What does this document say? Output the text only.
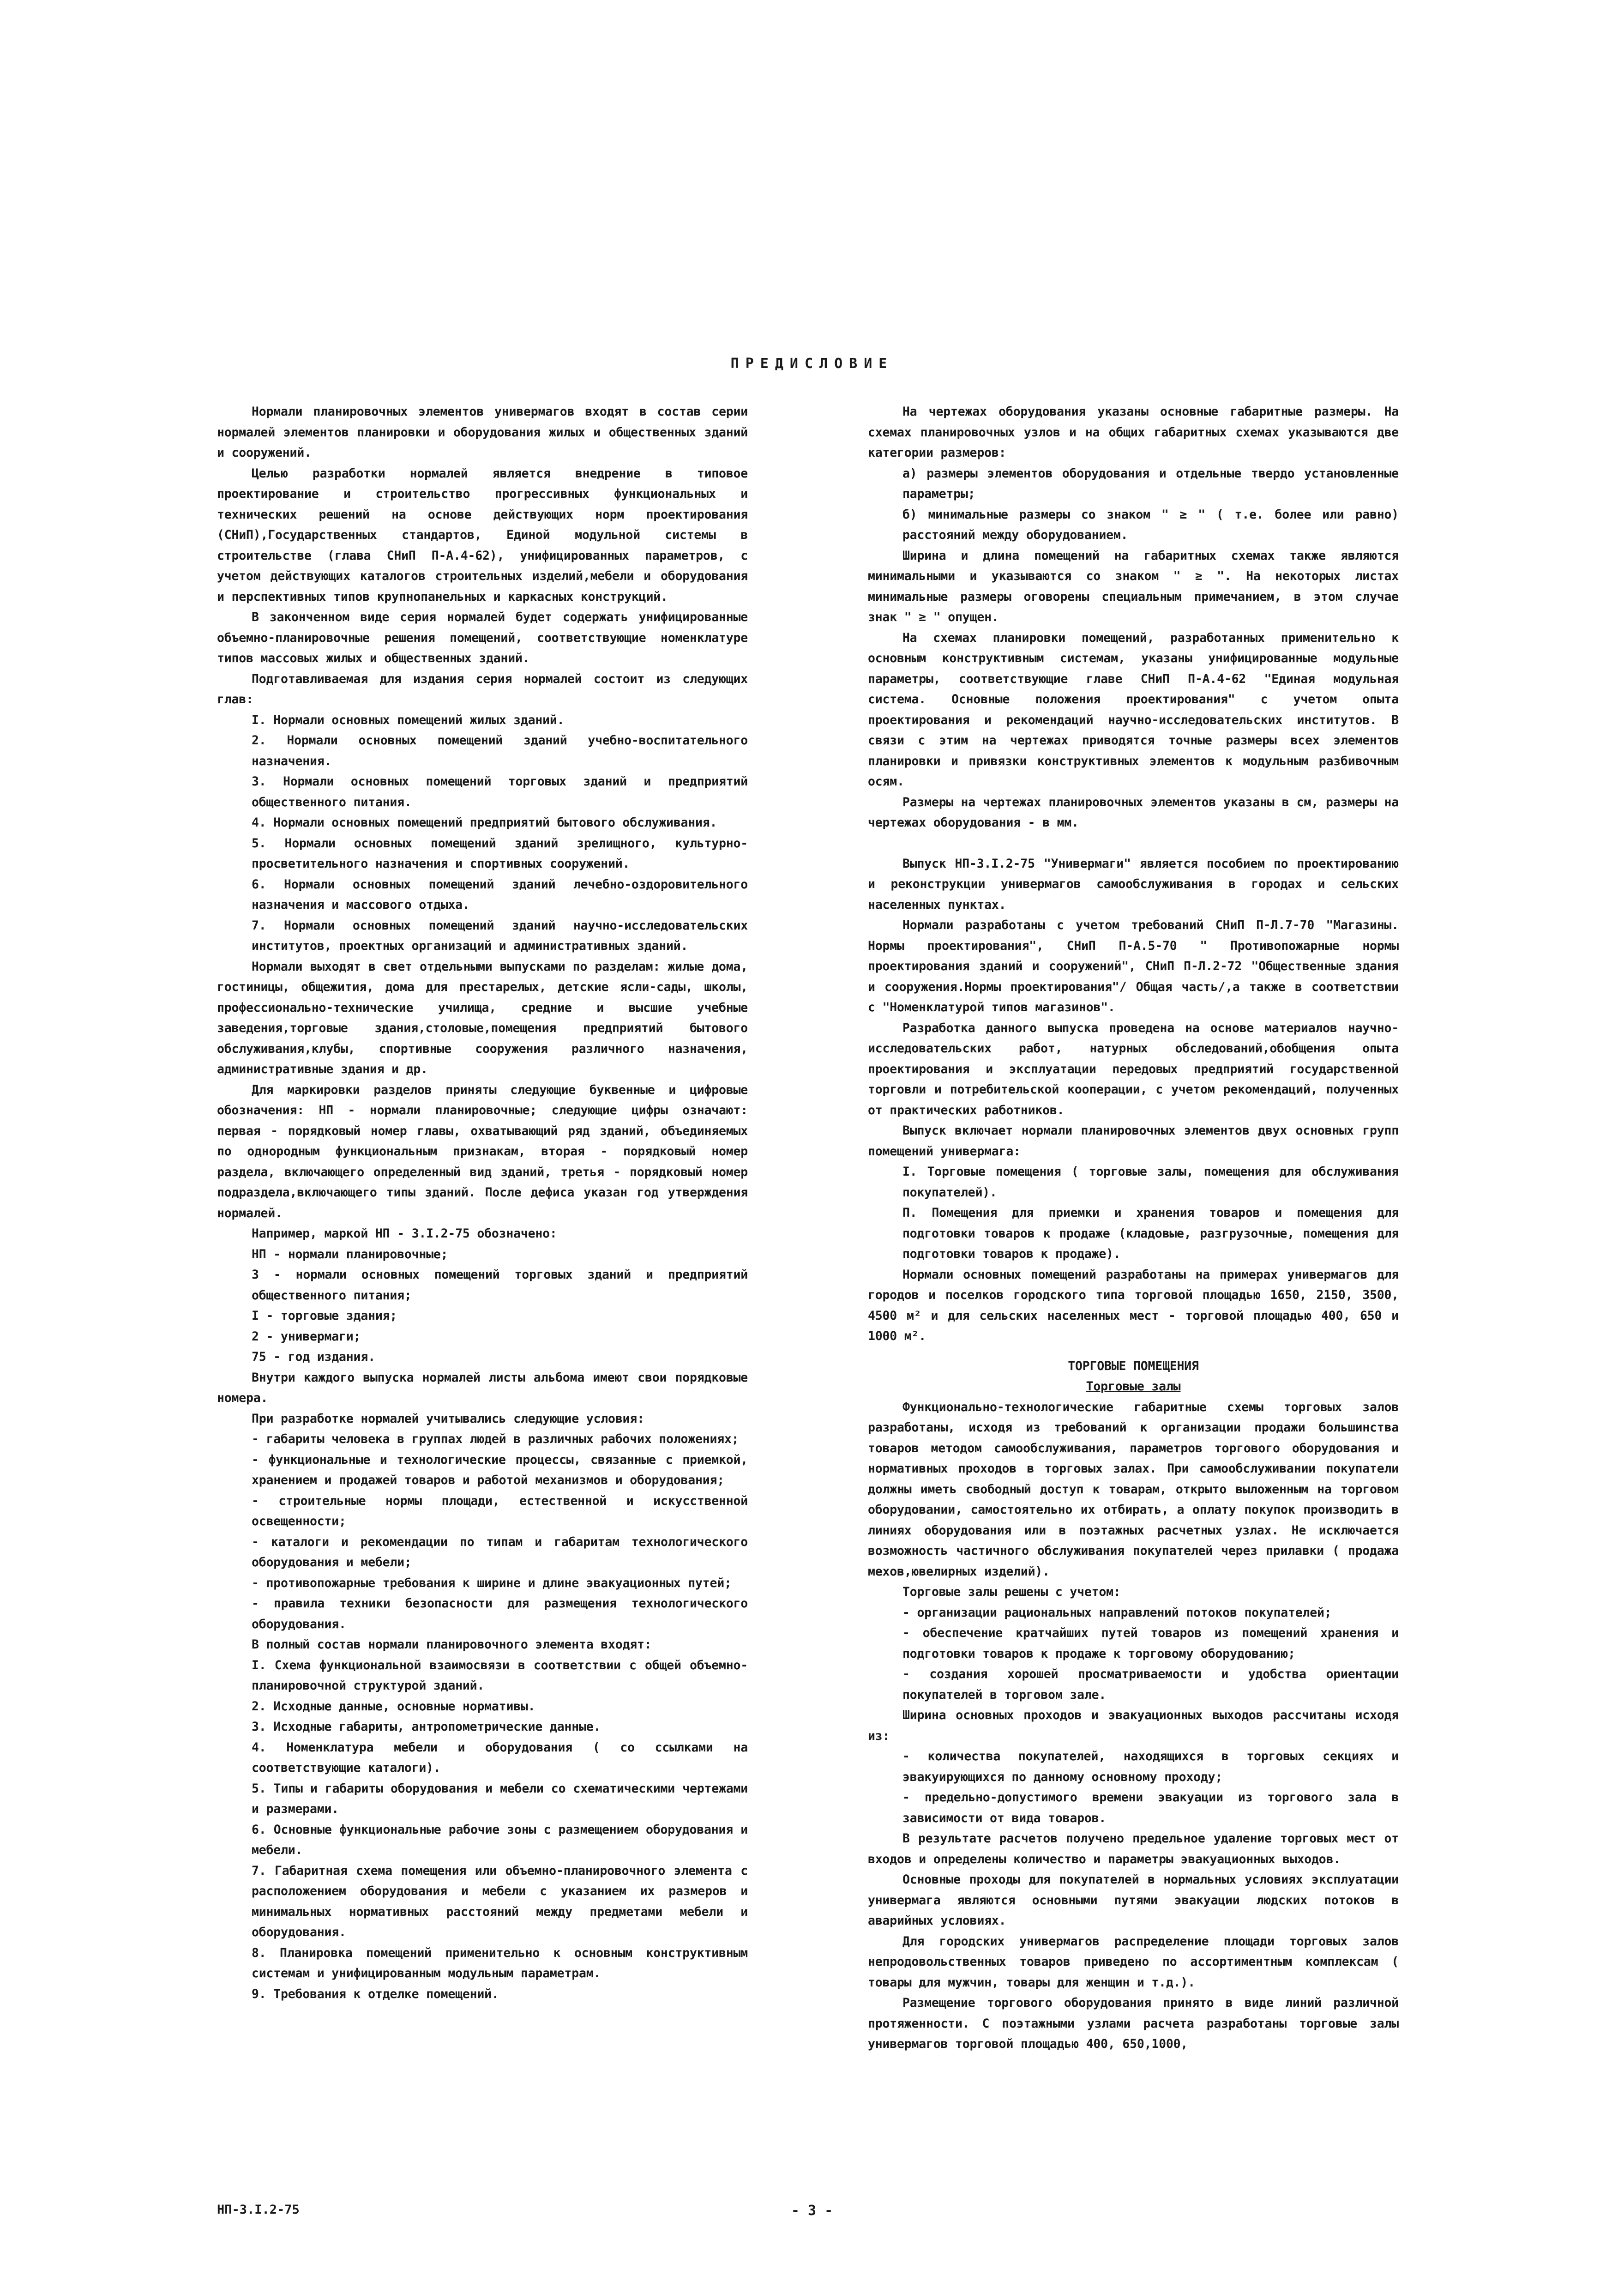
ПРЕДИСЛОВИЕ

Нормали планировочных элементов универмагов входят в состав серии нормалей элементов планировки и оборудования жилых и общественных зданий и сооружений.

Целью разработки нормалей является внедрение в типовое проектирование и строительство прогрессивных функциональных и технических решений на основе действующих норм проектирования (СНиП),Государственных стандартов, Единой модульной системы в строительстве (глава СНиП П-А.4-62), унифицированных параметров, с учетом действующих каталогов строительных изделий,мебели и оборудования и перспективных типов крупнопанельных и каркасных конструкций.

В законченном виде серия нормалей будет содержать унифицированные объемно-планировочные решения помещений, соответствующие номенклатуре типов массовых жилых и общественных зданий.

Подготавливаемая для издания серия нормалей состоит из следующих глав:

I. Нормали основных помещений жилых зданий.

2. Нормали основных помещений зданий учебно-воспитательного назначения.

3. Нормали основных помещений торговых зданий и предприятий общественного питания.

4. Нормали основных помещений предприятий бытового обслуживания.

5. Нормали основных помещений зданий зрелищного, культурно-просветительного назначения и спортивных сооружений.

6. Нормали основных помещений зданий лечебно-оздоровительного назначения и массового отдыха.

7. Нормали основных помещений зданий научно-исследовательских институтов, проектных организаций и административных зданий.

Нормали выходят в свет отдельными выпусками по разделам: жилые дома, гостиницы, общежития, дома для престарелых, детские ясли-сады, школы, профессионально-технические училища, средние и высшие учебные заведения,торговые здания,столовые,помещения предприятий бытового обслуживания,клубы, спортивные сооружения различного назначения, административные здания и др.

Для маркировки разделов приняты следующие буквенные и цифровые обозначения: НП - нормали планировочные; следующие цифры означают: первая - порядковый номер главы, охватывающий ряд зданий, объединяемых по однородным функциональным признакам, вторая - порядковый номер раздела, включающего определенный вид зданий, третья - порядковый номер подраздела,включающего типы зданий. После дефиса указан год утверждения нормалей.

Например, маркой НП - 3.I.2-75 обозначено:

НП - нормали планировочные;

3 - нормали основных помещений торговых зданий и предприятий общественного питания;

I - торговые здания;

2 - универмаги;

75 - год издания.

Внутри каждого выпуска нормалей листы альбома имеют свои порядковые номера.

При разработке нормалей учитывались следующие условия:

- габариты человека в группах людей в различных рабочих положениях;

- функциональные и технологические процессы, связанные с приемкой, хранением и продажей товаров и работой механизмов и оборудования;

- строительные нормы площади, естественной и искусственной освещенности;

- каталоги и рекомендации по типам и габаритам технологического оборудования и мебели;

- противопожарные требования к ширине и длине эвакуационных путей;

- правила техники безопасности для размещения технологического оборудования.

В полный состав нормали планировочного элемента входят:

I. Схема функциональной взаимосвязи в соответствии с общей объемно-планировочной структурой зданий.

2. Исходные данные, основные нормативы.

3. Исходные габариты, антропометрические данные.

4. Номенклатура мебели и оборудования ( со ссылками на соответствующие каталоги).

5. Типы и габариты оборудования и мебели со схематическими чертежами и размерами.

6. Основные функциональные рабочие зоны с размещением оборудования и мебели.

7. Габаритная схема помещения или объемно-планировочного элемента с расположением оборудования и мебели с указанием их размеров и минимальных нормативных расстояний между предметами мебели и оборудования.

8. Планировка помещений применительно к основным конструктивным системам и унифицированным модульным параметрам.

9. Требования к отделке помещений.

На чертежах оборудования указаны основные габаритные размеры. На схемах планировочных узлов и на общих габаритных схемах указываются две категории размеров:

а) размеры элементов оборудования и отдельные твердо установленные параметры;

б) минимальные размеры со знаком " ≥ " ( т.е. более или равно) расстояний между оборудованием.

Ширина и длина помещений на габаритных схемах также являются минимальными и указываются со знаком " ≥ ". На некоторых листах минимальные размеры оговорены специальным примечанием, в этом случае знак " ≥ " опущен.

На схемах планировки помещений, разработанных применительно к основным конструктивным системам, указаны унифицированные модульные параметры, соответствующие главе СНиП П-А.4-62 "Единая модульная система. Основные положения проектирования" с учетом опыта проектирования и рекомендаций научно-исследовательских институтов. В связи с этим на чертежах приводятся точные размеры всех элементов планировки и привязки конструктивных элементов к модульным разбивочным осям.

Размеры на чертежах планировочных элементов указаны в см, размеры на чертежах оборудования - в мм.

Выпуск НП-3.I.2-75 "Универмаги" является пособием по проектированию и реконструкции универмагов самообслуживания в городах и сельских населенных пунктах.

Нормали разработаны с учетом требований СНиП П-Л.7-70 "Магазины. Нормы проектирования", СНиП П-А.5-70 " Противопожарные нормы проектирования зданий и сооружений", СНиП П-Л.2-72 "Общественные здания и сооружения.Нормы проектирования"/ Общая часть/,а также в соответствии с "Номенклатурой типов магазинов".

Разработка данного выпуска проведена на основе материалов научно-исследовательских работ, натурных обследований,обобщения опыта проектирования и эксплуатации передовых предприятий государственной торговли и потребительской кооперации, с учетом рекомендаций, полученных от практических работников.

Выпуск включает нормали планировочных элементов двух основных групп помещений универмага:

I. Торговые помещения ( торговые залы, помещения для обслуживания покупателей).

П. Помещения для приемки и хранения товаров и помещения для подготовки товаров к продаже (кладовые, разгрузочные, помещения для подготовки товаров к продаже).

Нормали основных помещений разработаны на примерах универмагов для городов и поселков городского типа торговой площадью 1650, 2150, 3500, 4500 м² и для сельских населенных мест - торговой площадью 400, 650 и 1000 м².

ТОРГОВЫЕ ПОМЕЩЕНИЯ

Торговые залы

Функционально-технологические габаритные схемы торговых залов разработаны, исходя из требований к организации продажи большинства товаров методом самообслуживания, параметров торгового оборудования и нормативных проходов в торговых залах. При самообслуживании покупатели должны иметь свободный доступ к товарам, открыто выложенным на торговом оборудовании, самостоятельно их отбирать, а оплату покупок производить в линиях оборудования или в поэтажных расчетных узлах. Не исключается возможность частичного обслуживания покупателей через прилавки ( продажа мехов,ювелирных изделий).

Торговые залы решены с учетом:

- организации рациональных направлений потоков покупателей;

- обеспечение кратчайших путей товаров из помещений хранения и подготовки товаров к продаже к торговому оборудованию;

- создания хорошей просматриваемости и удобства ориентации покупателей в торговом зале.

Ширина основных проходов и эвакуационных выходов рассчитаны исходя из:

- количества покупателей, находящихся в торговых секциях и эвакуирующихся по данному основному проходу;

- предельно-допустимого времени эвакуации из торгового зала в зависимости от вида товаров.

В результате расчетов получено предельное удаление торговых мест от входов и определены количество и параметры эвакуационных выходов.

Основные проходы для покупателей в нормальных условиях эксплуатации универмага являются основными путями эвакуации людских потоков в аварийных условиях.

Для городских универмагов распределение площади торговых залов непродовольственных товаров приведено по ассортиментным комплексам ( товары для мужчин, товары для женщин и т.д.).

Размещение торгового оборудования принято в виде линий различной протяженности. С поэтажными узлами расчета разработаны торговые залы универмагов торговой площадью 400, 650,1000,

НП-3.I.2-75	- 3 -
